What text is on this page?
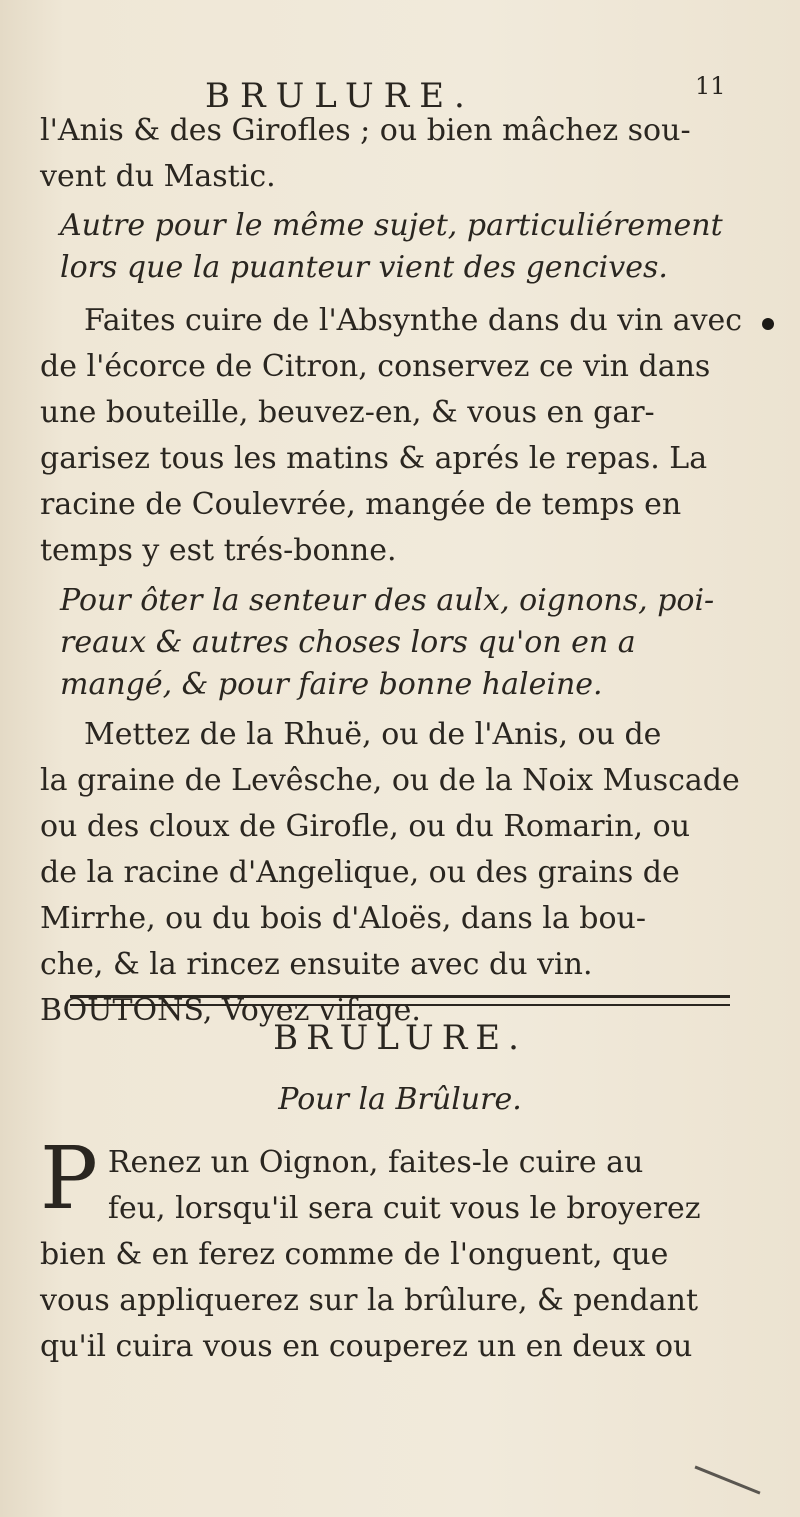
BRULURE.	11
l'Anis & des Girofles ; ou bien mâchez sou-
vent du Mastic.
Autre pour le même sujet, particuliérement
lors que la puanteur vient des gencives.
Faites cuire de l'Absynthe dans du vin avec
de l'écorce de Citron, conservez ce vin dans
une bouteille, beuvez-en, & vous en gar-
garisez tous les matins & aprés le repas. La
racine de Coulevrée, mangée de temps en
temps y est trés-bonne.
Pour ôter la senteur des aulx, oignons, poi-
reaux & autres choses lors qu'on en a
mangé, & pour faire bonne haleine.
Mettez de la Rhuë, ou de l'Anis, ou de
la graine de Levêsche, ou de la Noix Muscade
ou des cloux de Girofle, ou du Romarin, ou
de la racine d'Angelique, ou des grains de
Mirrhe, ou du bois d'Aloës, dans la bou-
che, & la rincez ensuite avec du vin.
BOUTONS, Voyez vifage.
BRULURE.
Pour la Brûlure.
P Renez un Oignon, faites-le cuire au
feu, lorsqu'il sera cuit vous le broyerez
bien & en ferez comme de l'onguent, que
vous appliquerez sur la brûlure, & pendant
qu'il cuira vous en couperez un en deux ou
